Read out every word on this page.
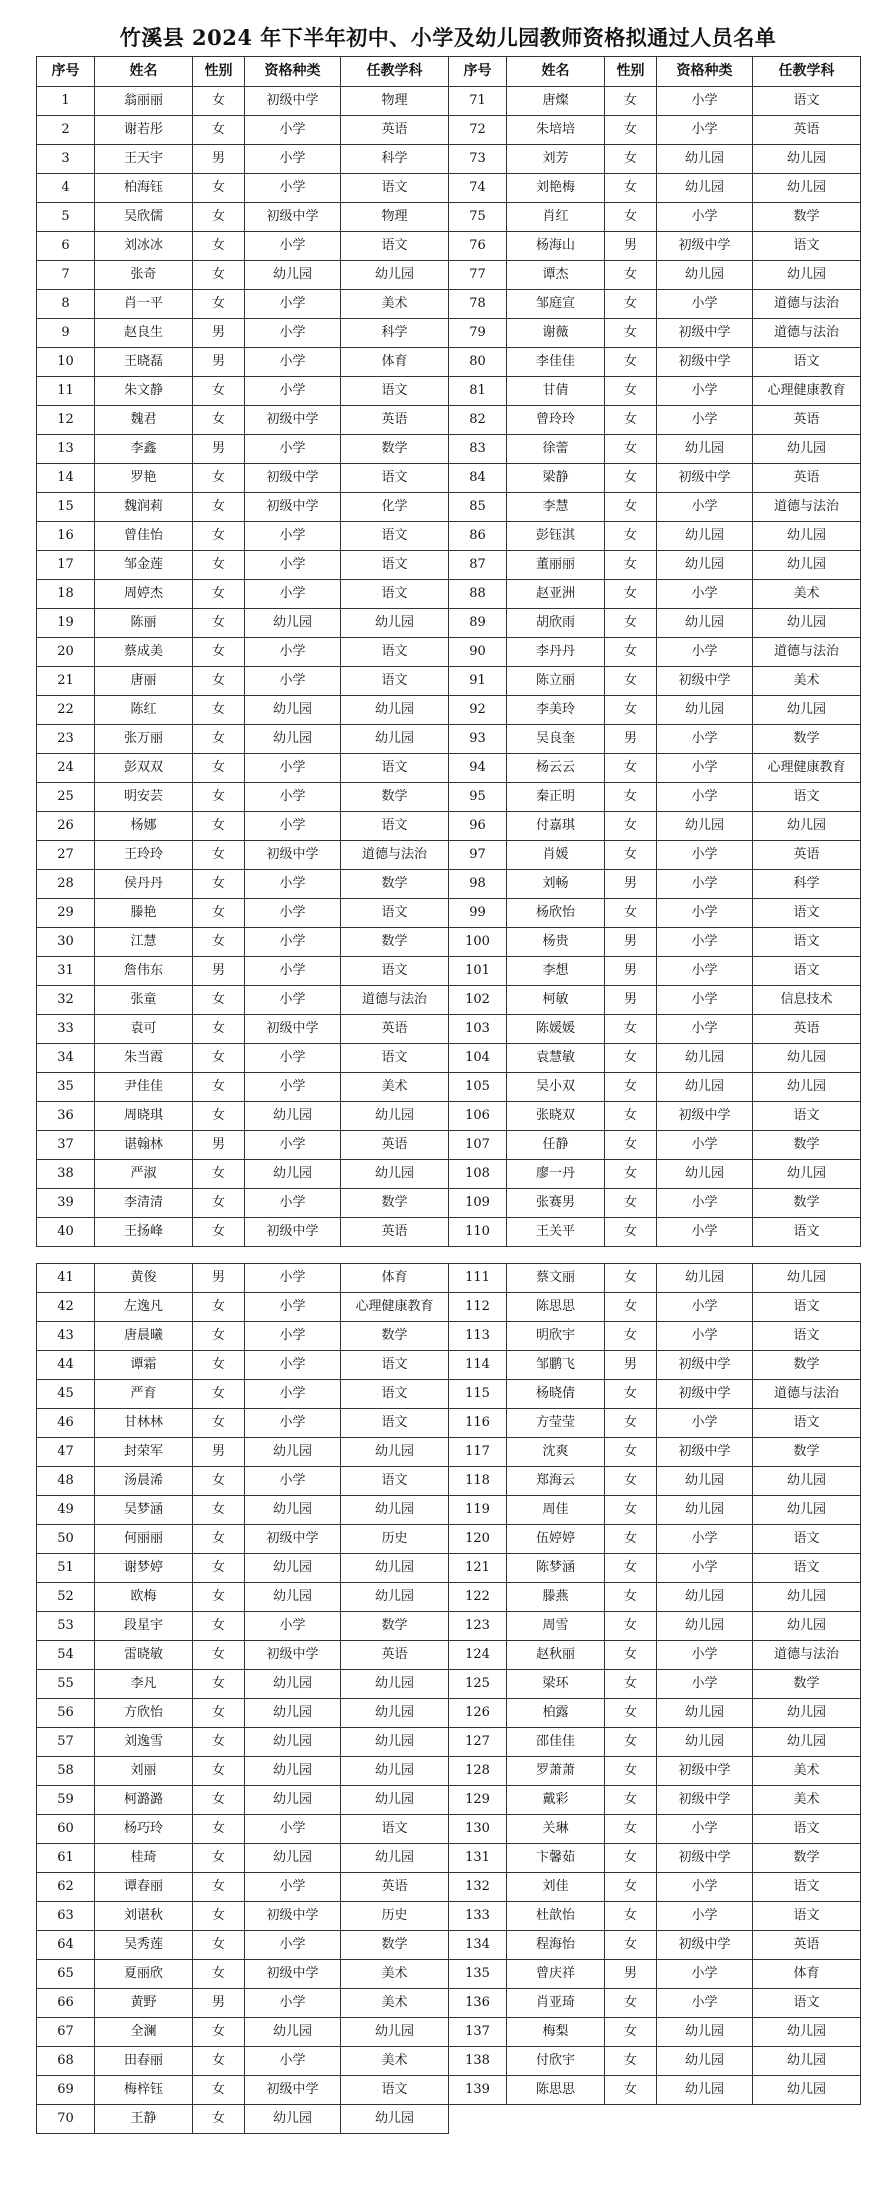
竹溪县 2024 年下半年初中、小学及幼儿园教师资格拟通过人员名单
序号	姓名	性别	资格种类	任教学科	序号	姓名	性别	资格种类	任教学科
1	翁丽丽	女	初级中学	物理	71	唐燦	女	小学	语文
2	谢若彤	女	小学	英语	72	朱培培	女	小学	英语
3	王天宇	男	小学	科学	73	刘芳	女	幼儿园	幼儿园
4	柏海钰	女	小学	语文	74	刘艳梅	女	幼儿园	幼儿园
5	吴欣儒	女	初级中学	物理	75	肖红	女	小学	数学
6	刘冰冰	女	小学	语文	76	杨海山	男	初级中学	语文
7	张奇	女	幼儿园	幼儿园	77	谭杰	女	幼儿园	幼儿园
8	肖一平	女	小学	美术	78	邹庭宣	女	小学	道德与法治
9	赵良生	男	小学	科学	79	谢薇	女	初级中学	道德与法治
10	王晓磊	男	小学	体育	80	李佳佳	女	初级中学	语文
11	朱文静	女	小学	语文	81	甘倩	女	小学	心理健康教育
12	魏君	女	初级中学	英语	82	曾玲玲	女	小学	英语
13	李鑫	男	小学	数学	83	徐蕾	女	幼儿园	幼儿园
14	罗艳	女	初级中学	语文	84	梁静	女	初级中学	英语
15	魏润莉	女	初级中学	化学	85	李慧	女	小学	道德与法治
16	曾佳怡	女	小学	语文	86	彭钰淇	女	幼儿园	幼儿园
17	邹金莲	女	小学	语文	87	董丽丽	女	幼儿园	幼儿园
18	周婷杰	女	小学	语文	88	赵亚洲	女	小学	美术
19	陈丽	女	幼儿园	幼儿园	89	胡欣雨	女	幼儿园	幼儿园
20	蔡成美	女	小学	语文	90	李丹丹	女	小学	道德与法治
21	唐丽	女	小学	语文	91	陈立丽	女	初级中学	美术
22	陈红	女	幼儿园	幼儿园	92	李美玲	女	幼儿园	幼儿园
23	张万丽	女	幼儿园	幼儿园	93	吴良奎	男	小学	数学
24	彭双双	女	小学	语文	94	杨云云	女	小学	心理健康教育
25	明安芸	女	小学	数学	95	秦正明	女	小学	语文
26	杨娜	女	小学	语文	96	付嘉琪	女	幼儿园	幼儿园
27	王玲玲	女	初级中学	道德与法治	97	肖媛	女	小学	英语
28	侯丹丹	女	小学	数学	98	刘畅	男	小学	科学
29	滕艳	女	小学	语文	99	杨欣怡	女	小学	语文
30	江慧	女	小学	数学	100	杨贵	男	小学	语文
31	詹伟东	男	小学	语文	101	李想	男	小学	语文
32	张童	女	小学	道德与法治	102	柯敏	男	小学	信息技术
33	袁可	女	初级中学	英语	103	陈媛媛	女	小学	英语
34	朱当霞	女	小学	语文	104	袁慧敏	女	幼儿园	幼儿园
35	尹佳佳	女	小学	美术	105	吴小双	女	幼儿园	幼儿园
36	周晓琪	女	幼儿园	幼儿园	106	张晓双	女	初级中学	语文
37	谌翰林	男	小学	英语	107	任静	女	小学	数学
38	严淑	女	幼儿园	幼儿园	108	廖一丹	女	幼儿园	幼儿园
39	李清清	女	小学	数学	109	张赛男	女	小学	数学
40	王扬峰	女	初级中学	英语	110	王关平	女	小学	语文
41	黄俊	男	小学	体育	111	蔡文丽	女	幼儿园	幼儿园
42	左逸凡	女	小学	心理健康教育	112	陈思思	女	小学	语文
43	唐晨曦	女	小学	数学	113	明欣宇	女	小学	语文
44	谭霜	女	小学	语文	114	邹鹏飞	男	初级中学	数学
45	严育	女	小学	语文	115	杨晓倩	女	初级中学	道德与法治
46	甘林林	女	小学	语文	116	方莹莹	女	小学	语文
47	封荣军	男	幼儿园	幼儿园	117	沈爽	女	初级中学	数学
48	汤晨浠	女	小学	语文	118	郑海云	女	幼儿园	幼儿园
49	吴梦涵	女	幼儿园	幼儿园	119	周佳	女	幼儿园	幼儿园
50	何丽丽	女	初级中学	历史	120	伍婷婷	女	小学	语文
51	谢梦婷	女	幼儿园	幼儿园	121	陈梦涵	女	小学	语文
52	欧梅	女	幼儿园	幼儿园	122	滕燕	女	幼儿园	幼儿园
53	段星宇	女	小学	数学	123	周雪	女	幼儿园	幼儿园
54	雷晓敏	女	初级中学	英语	124	赵秋丽	女	小学	道德与法治
55	李凡	女	幼儿园	幼儿园	125	梁环	女	小学	数学
56	方欣怡	女	幼儿园	幼儿园	126	柏露	女	幼儿园	幼儿园
57	刘逸雪	女	幼儿园	幼儿园	127	邵佳佳	女	幼儿园	幼儿园
58	刘丽	女	幼儿园	幼儿园	128	罗萧萧	女	初级中学	美术
59	柯潞潞	女	幼儿园	幼儿园	129	戴彩	女	初级中学	美术
60	杨巧玲	女	小学	语文	130	关琳	女	小学	语文
61	桂琦	女	幼儿园	幼儿园	131	卞馨茹	女	初级中学	数学
62	谭春丽	女	小学	英语	132	刘佳	女	小学	语文
63	刘谌秋	女	初级中学	历史	133	杜歆怡	女	小学	语文
64	吴秀莲	女	小学	数学	134	程海怡	女	初级中学	英语
65	夏丽欣	女	初级中学	美术	135	曾庆祥	男	小学	体育
66	黄野	男	小学	美术	136	肖亚琦	女	小学	语文
67	全澜	女	幼儿园	幼儿园	137	梅梨	女	幼儿园	幼儿园
68	田春丽	女	小学	美术	138	付欣宇	女	幼儿园	幼儿园
69	梅梓钰	女	初级中学	语文	139	陈思思	女	幼儿园	幼儿园
70	王静	女	幼儿园	幼儿园					
